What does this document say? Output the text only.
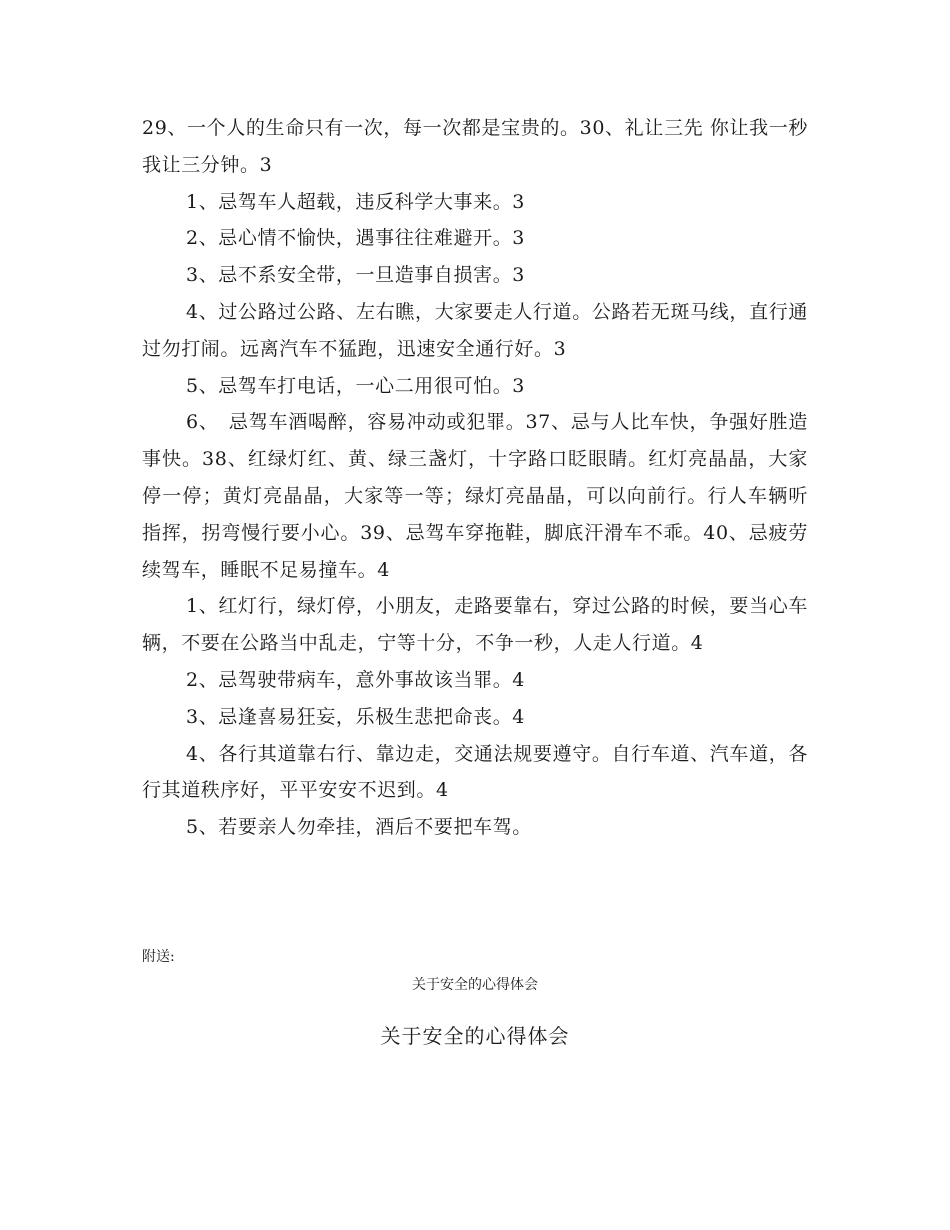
29、一个人的生命只有一次，每一次都是宝贵的。30、礼让三先 你让我一秒 我让三分钟。3

1、忌驾车人超载，违反科学大事来。3

2、忌心情不愉快，遇事往往难避开。3

3、忌不系安全带，一旦造事自损害。3

4、过公路过公路、左右瞧，大家要走人行道。公路若无斑马线，直行通过勿打闹。远离汽车不猛跑，迅速安全通行好。3

5、忌驾车打电话，一心二用很可怕。3

6、　忌驾车酒喝醉，容易冲动或犯罪。37、忌与人比车快，争强好胜造事快。38、红绿灯红、黄、绿三盏灯，十字路口眨眼睛。红灯亮晶晶，大家停一停；黄灯亮晶晶，大家等一等；绿灯亮晶晶，可以向前行。行人车辆听指挥，拐弯慢行要小心。39、忌驾车穿拖鞋，脚底汗滑车不乖。40、忌疲劳续驾车，睡眠不足易撞车。4

1、红灯行，绿灯停，小朋友，走路要靠右，穿过公路的时候，要当心车辆，不要在公路当中乱走，宁等十分，不争一秒，人走人行道。4

2、忌驾驶带病车，意外事故该当罪。4

3、忌逢喜易狂妄，乐极生悲把命丧。4

4、各行其道靠右行、靠边走，交通法规要遵守。自行车道、汽车道，各行其道秩序好，平平安安不迟到。4

5、若要亲人勿牵挂，酒后不要把车驾。

附送:
关于安全的心得体会
关于安全的心得体会
